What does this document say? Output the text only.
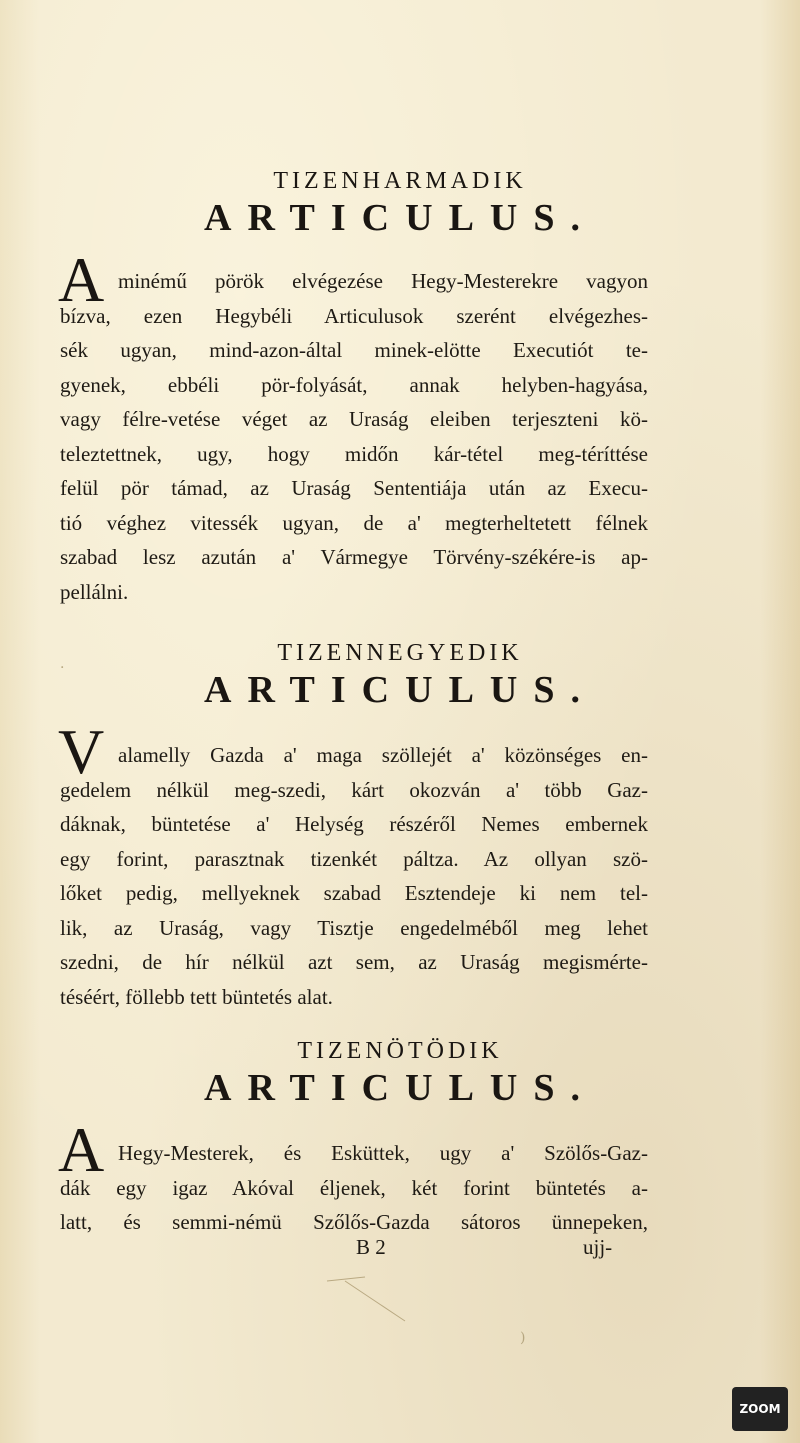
TIZENHARMADIK
ARTICULUS.
A minémű pörök elvégezése Hegy-Mesterekre vagyon
bízva, ezen Hegybéli Articulusok szerént elvégezhes-
sék ugyan, mind-azon-által minek-elötte Executiót te-
gyenek, ebbéli pör-folyását, annak helyben-hagyása,
vagy félre-vetése véget az Uraság eleiben terjeszteni kö-
teleztettnek, ugy, hogy midőn kár-tétel meg-téríttése
felül pör támad, az Uraság Sententiája után az Execu-
tió véghez vitessék ugyan, de a' megterheltetett félnek
szabad lesz azután a' Vármegye Törvény-székére-is ap-
pellálni.
TIZENNEGYEDIK
ARTICULUS.
V alamelly Gazda a' maga szöllejét a' közönséges en-
gedelem nélkül meg-szedi, kárt okozván a' több Gaz-
dáknak, büntetése a' Helység részéről Nemes embernek
egy forint, parasztnak tizenkét páltza. Az ollyan szö-
lőket pedig, mellyeknek szabad Esztendeje ki nem tel-
lik, az Uraság, vagy Tisztje engedelméből meg lehet
szedni, de hír nélkül azt sem, az Uraság megismérte-
téséért, föllebb tett büntetés alat.
TIZENÖTÖDIK
ARTICULUS.
A Hegy-Mesterek, és Esküttek, ugy a' Szölős-Gaz-
dák egy igaz Akóval éljenek, két forint büntetés a-
latt, és semmi-némü Szőlős-Gazda sátoros ünnepeken,
B 2	ujj-
·
)
ZOOM
